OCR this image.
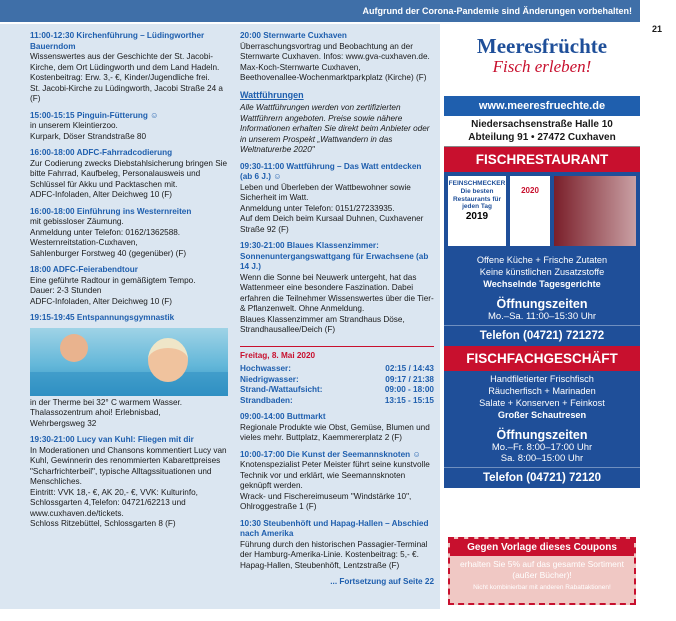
Aufgrund der Corona-Pandemie sind Änderungen vorbehalten!
21
11:00-12:30 Kirchenführung – Lüdingworther Bauerndom
Wissenswertes aus der Geschichte der St. Jacobi-Kirche, dem Ort Lüdingworth und dem Land Hadeln.
Kostenbeitrag: Erw. 3,- €, Kinder/Jugendliche frei.
St. Jacobi-Kirche zu Lüdingworth, Jacobi Straße 24 a (F)
15:00-15:15 Pinguin-Fütterung ☺
in unserem Kleintierzoo.
Kurpark, Döser Strandstraße 80
16:00-18:00 ADFC-Fahrradcodierung
Zur Codierung zwecks Diebstahlsicherung bringen Sie bitte Fahrrad, Kaufbeleg, Personalausweis und Schlüssel für Akku und Packtaschen mit.
ADFC-Infoladen, Alter Deichweg 10 (F)
16:00-18:00 Einführung ins Westernreiten
mit gebissloser Zäumung.
Anmeldung unter Telefon: 0162/1362588.
Westernreitstation-Cuxhaven,
Sahlenburger Forstweg 40 (gegenüber) (F)
18:00 ADFC-Feierabendtour
Eine geführte Radtour in gemäßigtem Tempo.
Dauer: 2-3 Stunden
ADFC-Infoladen, Alter Deichweg 10 (F)
19:15-19:45 Entspannungsgymnastik
in der Therme bei 32° C warmem Wasser.
Thalassozentrum ahoi! Erlebnisbad,
Wehrbergsweg 32
19:30-21:00 Lucy van Kuhl: Fliegen mit dir
In Moderationen und Chansons kommentiert Lucy van Kuhl, Gewinnerin des renommierten Kabarettpreises "Scharfrichterbeil", typische Alltagssituationen und Menschliches.
Eintritt: VVK 18,- €, AK 20,- €, VVK: Kulturinfo, Schlossgarten 4,Telefon: 04721/62213 und www.cuxhaven.de/tickets.
Schloss Ritzebüttel, Schlossgarten 8 (F)
20:00 Sternwarte Cuxhaven
Überraschungsvortrag und Beobachtung an der Sternwarte Cuxhaven. Infos: www.gva-cuxhaven.de.
Max-Koch-Sternwarte Cuxhaven,
Beethovenallee-Wochenmarktparkplatz (Kirche) (F)
Wattführungen
Alle Wattführungen werden von zertifizierten Wattführern angeboten. Preise sowie nähere Informationen erhalten Sie direkt beim Anbieter oder in unserem Prospekt „Wattwandern in das Weltnaturerbe 2020"
09:30-11:00 Wattführung – Das Watt entdecken (ab 6 J.) ☺
Leben und Überleben der Wattbewohner sowie Sicherheit im Watt.
Anmeldung unter Telefon: 0151/27233935.
Auf dem Deich beim Kursaal Duhnen, Cuxhavener Straße 92 (F)
19:30-21:00 Blaues Klassenzimmer: Sonnenuntergangswattgang für Erwachsene (ab 14 J.)
Wenn die Sonne bei Neuwerk untergeht, hat das Wattenmeer eine besondere Faszination. Dabei erfahren die Teilnehmer Wissenswertes über die Tier- & Pflanzenwelt. Ohne Anmeldung.
Blaues Klassenzimmer am Strandhaus Döse, Strandhausallee/Deich (F)
Freitag, 8. Mai 2020
Hochwasser:	02:15 / 14:43
Niedrigwasser:	09:17 / 21:38
Strand-/Wattaufsicht:	09:00 - 18:00
Strandbaden:	13:15 - 15:15
09:00-14:00 Buttmarkt
Regionale Produkte wie Obst, Gemüse, Blumen und vieles mehr. Buttplatz, Kaemmererplatz 2 (F)
10:00-17:00 Die Kunst der Seemannsknoten ☺
Knotenspezialist Peter Meister führt seine kunstvolle Technik vor und erklärt, wie Seemannsknoten geknüpft werden.
Wrack- und Fischereimuseum "Windstärke 10", Ohlroggestraße 1 (F)
10:30 Steubenhöft und Hapag-Hallen – Abschied nach Amerika
Führung durch den historischen Passagier-Terminal der Hamburg-Amerika-Linie. Kostenbeitrag: 5,- €.
Hapag-Hallen, Steubenhöft, Lentzstraße (F)
... Fortsetzung auf Seite 22
Meeresfrüchte
Fisch erleben!
www.meeresfruechte.de
Niedersachsenstraße Halle 10
Abteilung 91 • 27472 Cuxhaven
FISCHRESTAURANT
FEINSCHMECKER
Die besten Restaurants für jeden Tag
2019
2020
Offene Küche + Frische Zutaten
Keine künstlichen Zusatzstoffe
Wechselnde Tagesgerichte
Öffnungszeiten
Mo.–Sa. 11:00–15:30 Uhr
Telefon (04721) 721272
FISCHFACHGESCHÄFT
Handfiletierter Frischfisch
Räucherfisch + Marinaden
Salate + Konserven + Feinkost
Großer Schautresen
Öffnungszeiten
Mo.–Fr. 8:00–17:00 Uhr
Sa. 8:00–15:00 Uhr
Telefon (04721) 72120
Gegen Vorlage dieses Coupons
erhalten Sie 5% auf das gesamte Sortiment (außer Bücher)!
Nicht kombinierbar mit anderen Rabattaktionen!
